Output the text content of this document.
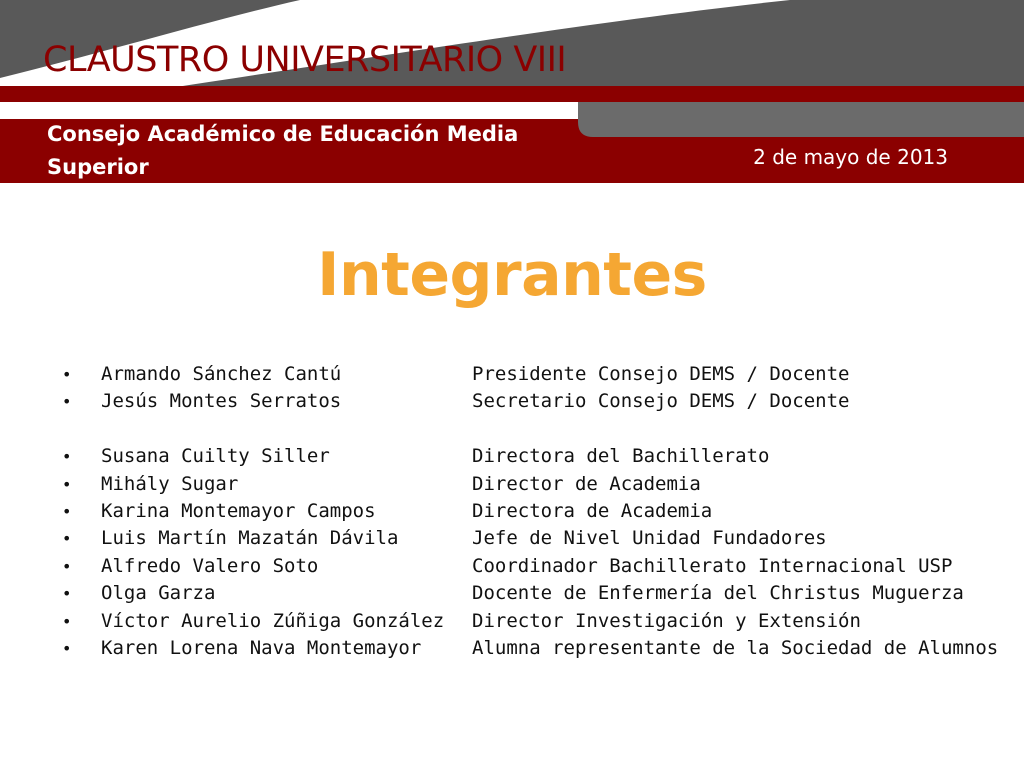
CLAUSTRO UNIVERSITARIO VIII
Consejo Académico de Educación Media Superior	2 de mayo de 2013
Integrantes
•	Armando Sánchez Cantú	Presidente Consejo DEMS / Docente
•	Jesús Montes Serratos	Secretario Consejo DEMS / Docente
•	Susana Cuilty Siller	Directora del Bachillerato
•	Mihály Sugar	Director de Academia
•	Karina Montemayor Campos	Directora de Academia
•	Luis Martín Mazatán Dávila	Jefe de Nivel Unidad Fundadores
•	Alfredo Valero Soto	Coordinador Bachillerato Internacional USP
•	Olga Garza	Docente de Enfermería del Christus Muguerza
•	Víctor Aurelio Zúñiga González	Director Investigación y Extensión
•	Karen Lorena Nava Montemayor	Alumna representante de la Sociedad de Alumnos
